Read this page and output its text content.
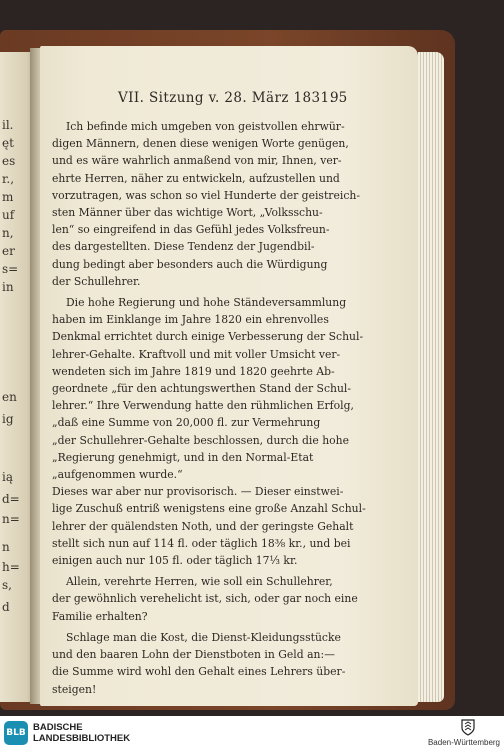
VII. Sitzung v. 28. März 1831.
95
il.
ęt
es
r.,
m
uf
n,
er
s=
in
en
ig
ią
d=
n=
n
h=
s,
d
Ich befinde mich umgeben von geistvollen ehrwür-
digen Männern, denen diese wenigen Worte genügen,
und es wäre wahrlich anmaßend von mir, Ihnen, ver-
ehrte Herren, näher zu entwickeln, aufzustellen und
vorzutragen, was schon so viel Hunderte der geistreich-
sten Männer über das wichtige Wort, „Volksschu-
len“ so eingreifend in das Gefühl jedes Volksfreun-
des dargestellten. Diese Tendenz der Jugendbil-
dung bedingt aber besonders auch die Würdigung
der Schullehrer.
Die hohe Regierung und hohe Ständeversammlung
haben im Einklange im Jahre 1820 ein ehrenvolles
Denkmal errichtet durch einige Verbesserung der Schul-
lehrer-Gehalte. Kraftvoll und mit voller Umsicht ver-
wendeten sich im Jahre 1819 und 1820 geehrte Ab-
geordnete „für den achtungswerthen Stand der Schul-
lehrer.“ Ihre Verwendung hatte den rühmlichen Erfolg,
„daß eine Summe von 20,000 fl. zur Vermehrung
„der Schullehrer-Gehalte beschlossen, durch die hohe
„Regierung genehmigt, und in den Normal-Etat
„aufgenommen wurde.“
Dieses war aber nur provisorisch. — Dieser einstwei-
lige Zuschuß entriß wenigstens eine große Anzahl Schul-
lehrer der quälendsten Noth, und der geringste Gehalt
stellt sich nun auf 114 fl. oder täglich 18⅜ kr., und bei
einigen auch nur 105 fl. oder täglich 17⅓ kr.
Allein, verehrte Herren, wie soll ein Schullehrer,
der gewöhnlich verehelicht ist, sich, oder gar noch eine
Familie erhalten?
Schlage man die Kost, die Dienst-Kleidungsstücke
und den baaren Lohn der Dienstboten in Geld an:—
die Summe wird wohl den Gehalt eines Lehrers über-
steigen!
BLB BADISCHE
LANDESBIBLIOTHEK	Baden-Württemberg
